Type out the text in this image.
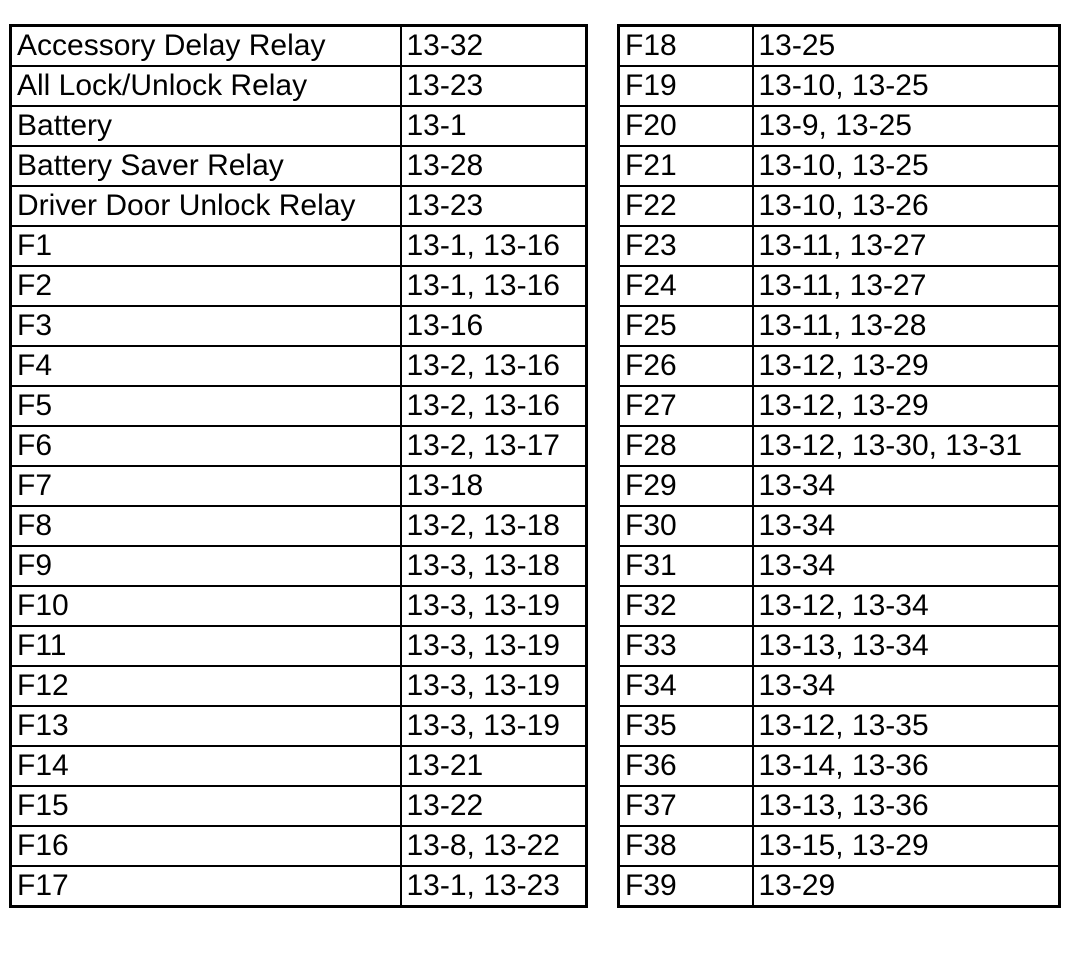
Accessory Delay Relay	13-32
All Lock/Unlock Relay	13-23
Battery	13-1
Battery Saver Relay	13-28
Driver Door Unlock Relay	13-23
F1	13-1, 13-16
F2	13-1, 13-16
F3	13-16
F4	13-2, 13-16
F5	13-2, 13-16
F6	13-2, 13-17
F7	13-18
F8	13-2, 13-18
F9	13-3, 13-18
F10	13-3, 13-19
F11	13-3, 13-19
F12	13-3, 13-19
F13	13-3, 13-19
F14	13-21
F15	13-22
F16	13-8, 13-22
F17	13-1, 13-23
F18	13-25
F19	13-10, 13-25
F20	13-9, 13-25
F21	13-10, 13-25
F22	13-10, 13-26
F23	13-11, 13-27
F24	13-11, 13-27
F25	13-11, 13-28
F26	13-12, 13-29
F27	13-12, 13-29
F28	13-12, 13-30, 13-31
F29	13-34
F30	13-34
F31	13-34
F32	13-12, 13-34
F33	13-13, 13-34
F34	13-34
F35	13-12, 13-35
F36	13-14, 13-36
F37	13-13, 13-36
F38	13-15, 13-29
F39	13-29
